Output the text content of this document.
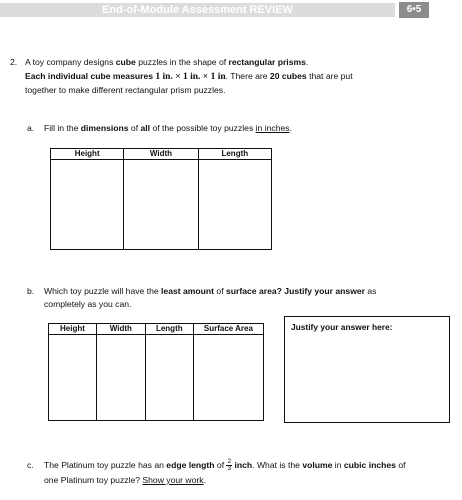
End-of-Module Assessment REVIEW	6•5
2. A toy company designs cube puzzles in the shape of rectangular prisms.
Each individual cube measures 1 in. × 1 in. × 1 in. There are 20 cubes that are put
together to make different rectangular prism puzzles.
a. Fill in the dimensions of all of the possible toy puzzles in inches.
Height	Width	Length

b. Which toy puzzle will have the least amount of surface area? Justify your answer as
completely as you can.
Height	Width	Length	Surface Area
				Justify your answer here:
c. The Platinum toy puzzle has an edge length of $\frac{2}{3}$ inch. What is the volume in cubic inches of
one Platinum toy puzzle? Show your work.
